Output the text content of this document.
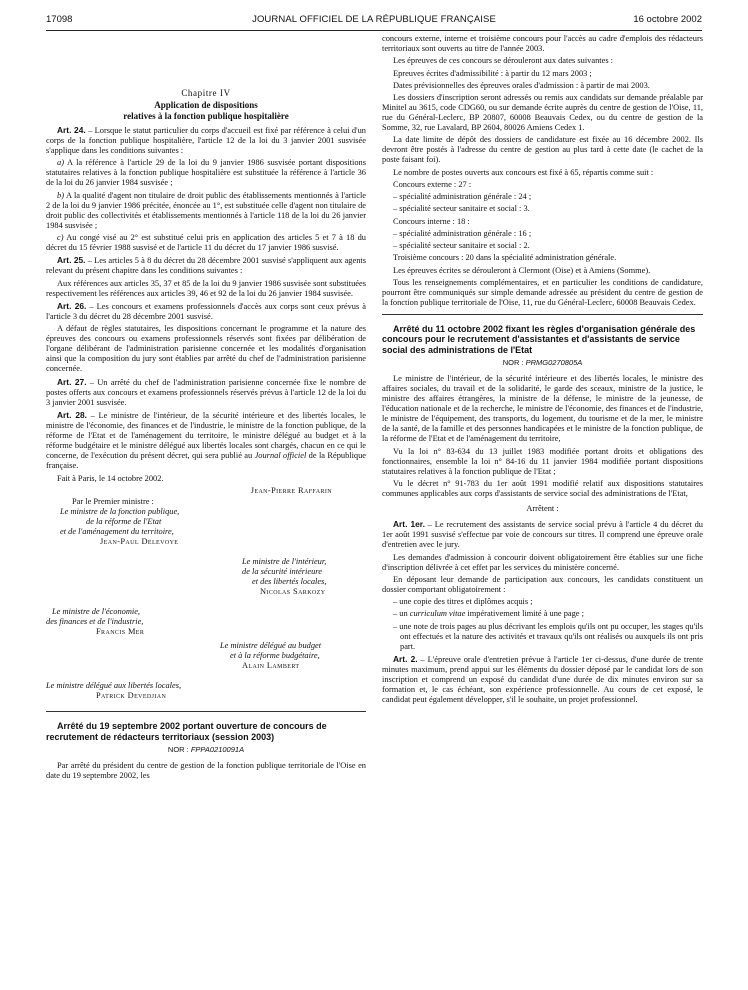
17098	JOURNAL OFFICIEL DE LA RÉPUBLIQUE FRANÇAISE	16 octobre 2002

Chapitre IV

Application de dispositions
relatives à la fonction publique hospitalière

Art. 24. – Lorsque le statut particulier du corps d'accueil est fixé par référence à celui d'un corps de la fonction publique hospitalière, l'article 12 de la loi du 3 janvier 2001 susvisée s'applique dans les conditions suivantes :

a) A la référence à l'article 29 de la loi du 9 janvier 1986 susvisée portant dispositions statutaires relatives à la fonction publique hospitalière est substituée la référence à l'article 36 de la loi du 26 janvier 1984 susvisée ;

b) A la qualité d'agent non titulaire de droit public des établissements mentionnés à l'article 2 de la loi du 9 janvier 1986 précitée, énoncée au 1°, est substituée celle d'agent non titulaire de droit public des collectivités et établissements mentionnés à l'article 118 de la loi du 26 janvier 1984 susvisée ;

c) Au congé visé au 2° est substitué celui pris en application des articles 5 et 7 à 18 du décret du 15 février 1988 susvisé et de l'article 11 du décret du 17 janvier 1986 susvisé.

Art. 25. – Les articles 5 à 8 du décret du 28 décembre 2001 susvisé s'appliquent aux agents relevant du présent chapitre dans les conditions suivantes :

Aux références aux articles 35, 37 et 85 de la loi du 9 janvier 1986 susvisée sont substituées respectivement les références aux articles 39, 46 et 92 de la loi du 26 janvier 1984 susvisée.

Art. 26. – Les concours et examens professionnels d'accès aux corps sont ceux prévus à l'article 3 du décret du 28 décembre 2001 susvisé.

A défaut de règles statutaires, les dispositions concernant le programme et la nature des épreuves des concours ou examens professionnels réservés sont fixées par délibération de l'organe délibérant de l'administration parisienne concernée et les modalités d'organisation ainsi que la composition du jury sont établies par arrêté du chef de l'administration parisienne concernée.

Art. 27. – Un arrêté du chef de l'administration parisienne concernée fixe le nombre de postes offerts aux concours et examens professionnels réservés prévus à l'article 12 de la loi du 3 janvier 2001 susvisée.

Art. 28. – Le ministre de l'intérieur, de la sécurité intérieure et des libertés locales, le ministre de l'économie, des finances et de l'industrie, le ministre de la fonction publique, de la réforme de l'Etat et de l'aménagement du territoire, le ministre délégué au budget et à la réforme budgétaire et le ministre délégué aux libertés locales sont chargés, chacun en ce qui le concerne, de l'exécution du présent décret, qui sera publié au Journal officiel de la République française.

Fait à Paris, le 14 octobre 2002.

Jean-Pierre Raffarin
Par le Premier ministre :
Le ministre de la fonction publique,
de la réforme de l'Etat
et de l'aménagement du territoire,
Jean-Paul Delevoye
Le ministre de l'intérieur,
de la sécurité intérieure
et des libertés locales,
Nicolas Sarkozy
Le ministre de l'économie,
des finances et de l'industrie,
Francis Mer
Le ministre délégué au budget
et à la réforme budgétaire,
Alain Lambert
Le ministre délégué aux libertés locales,
Patrick Devedjian

Arrêté du 19 septembre 2002 portant ouverture de concours de recrutement de rédacteurs territoriaux (session 2003)

NOR : FPPA0210091A

Par arrêté du président du centre de gestion de la fonction publique territoriale de l'Oise en date du 19 septembre 2002, les

concours externe, interne et troisième concours pour l'accès au cadre d'emplois des rédacteurs territoriaux sont ouverts au titre de l'année 2003.

Les épreuves de ces concours se dérouleront aux dates suivantes :

Epreuves écrites d'admissibilité : à partir du 12 mars 2003 ;

Dates prévisionnelles des épreuves orales d'admission : à partir de mai 2003.

Les dossiers d'inscription seront adressés ou remis aux candidats sur demande préalable par Minitel au 3615, code CDG60, ou sur demande écrite auprès du centre de gestion de l'Oise, 11, rue du Général-Leclerc, BP 20807, 60008 Beauvais Cedex, ou du centre de gestion de la Somme, 32, rue Lavalard, BP 2604, 80026 Amiens Cedex 1.

La date limite de dépôt des dossiers de candidature est fixée au 16 décembre 2002. Ils devront être postés à l'adresse du centre de gestion au plus tard à cette date (le cachet de la poste faisant foi).

Le nombre de postes ouverts aux concours est fixé à 65, répartis comme suit :

Concours externe : 27 :

– spécialité administration générale : 24 ;

– spécialité secteur sanitaire et social : 3.

Concours interne : 18 :

– spécialité administration générale : 16 ;

– spécialité secteur sanitaire et social : 2.

Troisième concours : 20 dans la spécialité administration générale.

Les épreuves écrites se dérouleront à Clermont (Oise) et à Amiens (Somme).

Tous les renseignements complémentaires, et en particulier les conditions de candidature, pourront être communiqués sur simple demande adressée au président du centre de gestion de la fonction publique territoriale de l'Oise, 11, rue du Général-Leclerc, 60008 Beauvais Cedex.

Arrêté du 11 octobre 2002 fixant les règles d'organisation générale des concours pour le recrutement d'assistantes et d'assistants de service social des administrations de l'Etat

NOR : PRMG0270805A

Le ministre de l'intérieur, de la sécurité intérieure et des libertés locales, le ministre des affaires sociales, du travail et de la solidarité, le garde des sceaux, ministre de la justice, le ministre des affaires étrangères, la ministre de la défense, le ministre de la jeunesse, de l'éducation nationale et de la recherche, le ministre de l'économie, des finances et de l'industrie, le ministre de l'équipement, des transports, du logement, du tourisme et de la mer, le ministre de la santé, de la famille et des personnes handicapées et le ministre de la fonction publique, de la réforme de l'Etat et de l'aménagement du territoire,

Vu la loi n° 83-634 du 13 juillet 1983 modifiée portant droits et obligations des fonctionnaires, ensemble la loi n° 84-16 du 11 janvier 1984 modifiée portant dispositions statutaires relatives à la fonction publique de l'Etat ;

Vu le décret n° 91-783 du 1er août 1991 modifié relatif aux dispositions statutaires communes applicables aux corps d'assistants de service social des administrations de l'Etat,

Arrêtent :

Art. 1er. – Le recrutement des assistants de service social prévu à l'article 4 du décret du 1er août 1991 susvisé s'effectue par voie de concours sur titres. Il comprend une épreuve orale d'entretien avec le jury.

Les demandes d'admission à concourir doivent obligatoirement être établies sur une fiche d'inscription délivrée à cet effet par les services du ministère concerné.

En déposant leur demande de participation aux concours, les candidats constituent un dossier comportant obligatoirement :

– une copie des titres et diplômes acquis ;

– un curriculum vitae impérativement limité à une page ;

– une note de trois pages au plus décrivant les emplois qu'ils ont pu occuper, les stages qu'ils ont effectués et la nature des activités et travaux qu'ils ont réalisés ou auxquels ils ont pris part.

Art. 2. – L'épreuve orale d'entretien prévue à l'article 1er ci-dessus, d'une durée de trente minutes maximum, prend appui sur les éléments du dossier déposé par le candidat lors de son inscription et comprend un exposé du candidat d'une durée de dix minutes environ sur sa formation et, le cas échéant, son expérience professionnelle. Au cours de cet exposé, le candidat peut également développer, s'il le souhaite, un projet professionnel.
